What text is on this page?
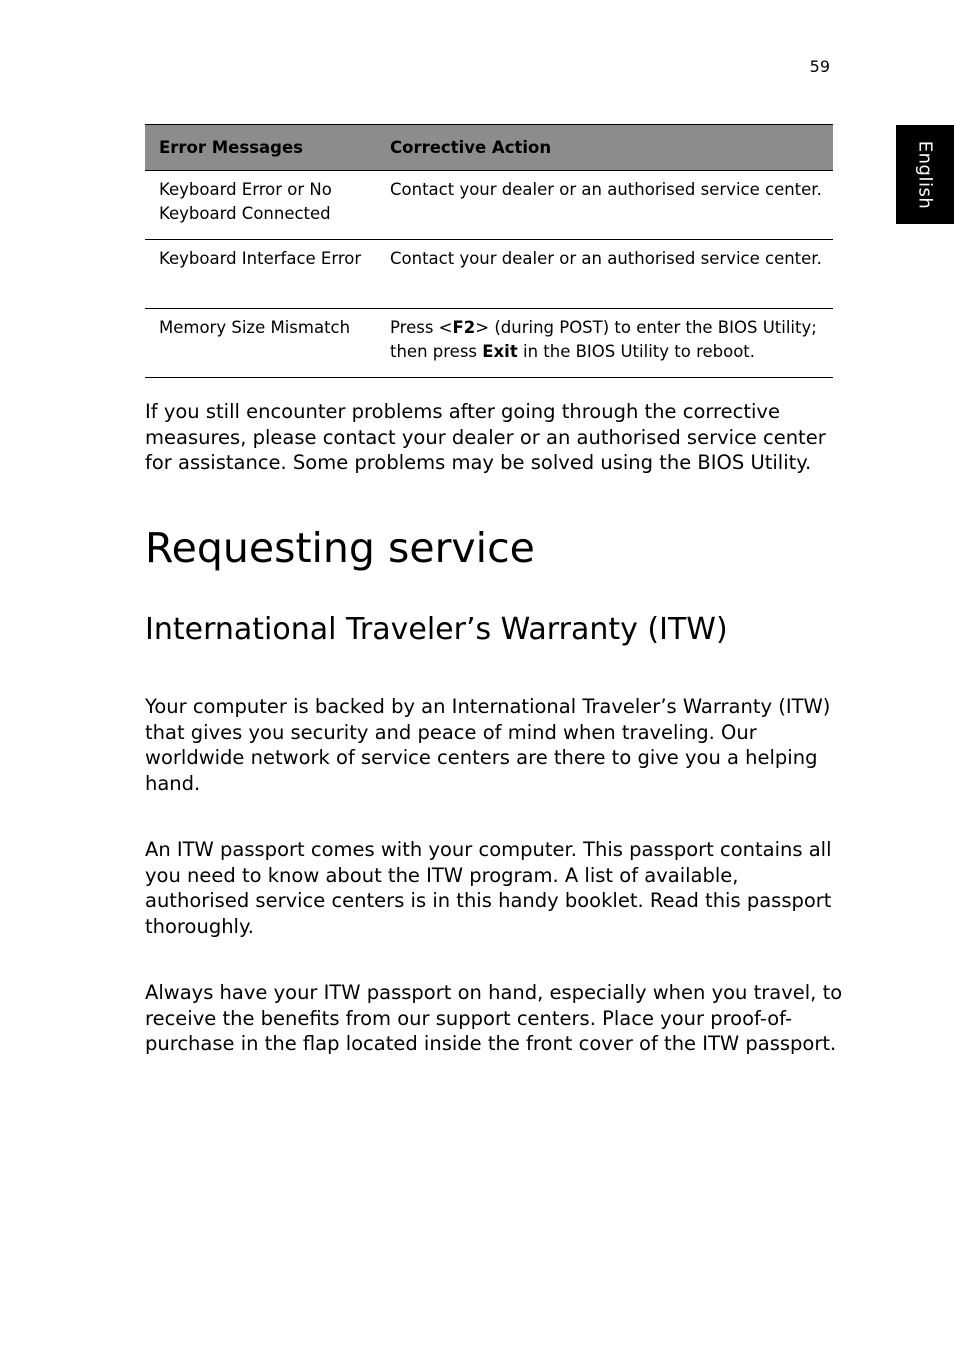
59
English
Error Messages	Corrective Action
Keyboard Error or No Keyboard Connected	Contact your dealer or an authorised service center.
Keyboard Interface Error	Contact your dealer or an authorised service center.
Memory Size Mismatch	Press <F2> (during POST) to enter the BIOS Utility; then press Exit in the BIOS Utility to reboot.

If you still encounter problems after going through the corrective measures, please contact your dealer or an authorised service center for assistance. Some problems may be solved using the BIOS Utility.

Requesting service
International Traveler’s Warranty (ITW)

Your computer is backed by an International Traveler’s Warranty (ITW) that gives you security and peace of mind when traveling. Our worldwide network of service centers are there to give you a helping hand.

An ITW passport comes with your computer. This passport contains all you need to know about the ITW program. A list of available, authorised service centers is in this handy booklet. Read this passport thoroughly.

Always have your ITW passport on hand, especially when you travel, to receive the benefits from our support centers. Place your proof-of-purchase in the flap located inside the front cover of the ITW passport.
